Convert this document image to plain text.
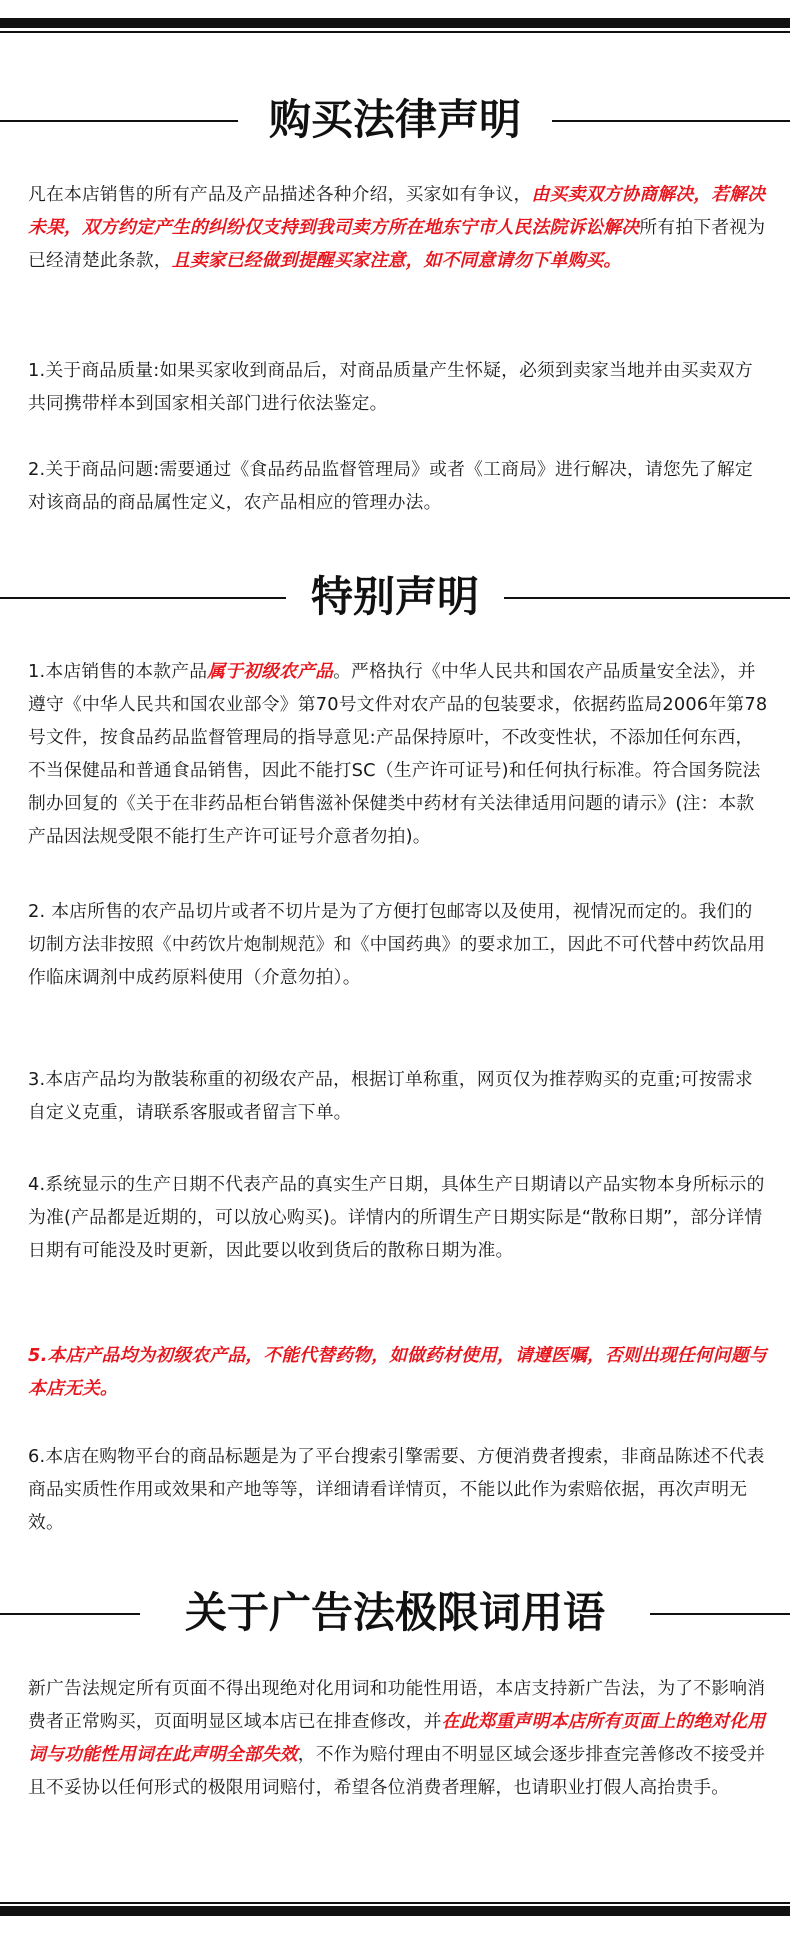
购买法律声明

凡在本店销售的所有产品及产品描述各种介绍，买家如有争议，由买卖双方协商解决，若解决未果，双方约定产生的纠纷仅支持到我司卖方所在地东宁市人民法院诉讼解决所有拍下者视为已经清楚此条款，且卖家已经做到提醒买家注意，如不同意请勿下单购买。

1.关于商品质量:如果买家收到商品后，对商品质量产生怀疑，必须到卖家当地并由买卖双方共同携带样本到国家相关部门进行依法鉴定。

2.关于商品问题:需要通过《食品药品监督管理局》或者《工商局》进行解决，请您先了解定对该商品的商品属性定义，农产品相应的管理办法。

特别声明

1.本店销售的本款产品属于初级农产品。严格执行《中华人民共和国农产品质量安全法》，并遵守《中华人民共和国农业部令》第70号文件对农产品的包装要求，依据药监局2006年第78号文件，按食品药品监督管理局的指导意见:产品保持原叶，不改变性状，不添加任何东西，不当保健品和普通食品销售，因此不能打SC（生产许可证号)和任何执行标准。符合国务院法制办回复的《关于在非药品柜台销售滋补保健类中药材有关法律适用问题的请示》(注：本款产品因法规受限不能打生产许可证号介意者勿拍)。

2. 本店所售的农产品切片或者不切片是为了方便打包邮寄以及使用，视情况而定的。我们的切制方法非按照《中药饮片炮制规范》和《中国药典》的要求加工，因此不可代替中药饮品用作临床调剂中成药原料使用（介意勿拍）。

3.本店产品均为散装称重的初级农产品，根据订单称重，网页仅为推荐购买的克重;可按需求自定义克重，请联系客服或者留言下单。

4.系统显示的生产日期不代表产品的真实生产日期，具体生产日期请以产品实物本身所标示的为准(产品都是近期的，可以放心购买)。详情内的所谓生产日期实际是“散称日期”，部分详情日期有可能没及时更新，因此要以收到货后的散称日期为准。

5.本店产品均为初级农产品，不能代替药物，如做药材使用，请遵医嘱，否则出现任何问题与本店无关。

6.本店在购物平台的商品标题是为了平台搜索引擎需要、方便消费者搜索，非商品陈述不代表商品实质性作用或效果和产地等等，详细请看详情页，不能以此作为索赔依据，再次声明无效。

关于广告法极限词用语

新广告法规定所有页面不得出现绝对化用词和功能性用语，本店支持新广告法，为了不影响消费者正常购买，页面明显区域本店已在排查修改，并在此郑重声明本店所有页面上的绝对化用词与功能性用词在此声明全部失效，不作为赔付理由不明显区域会逐步排查完善修改不接受并且不妥协以任何形式的极限用词赔付，希望各位消费者理解，也请职业打假人高抬贵手。
